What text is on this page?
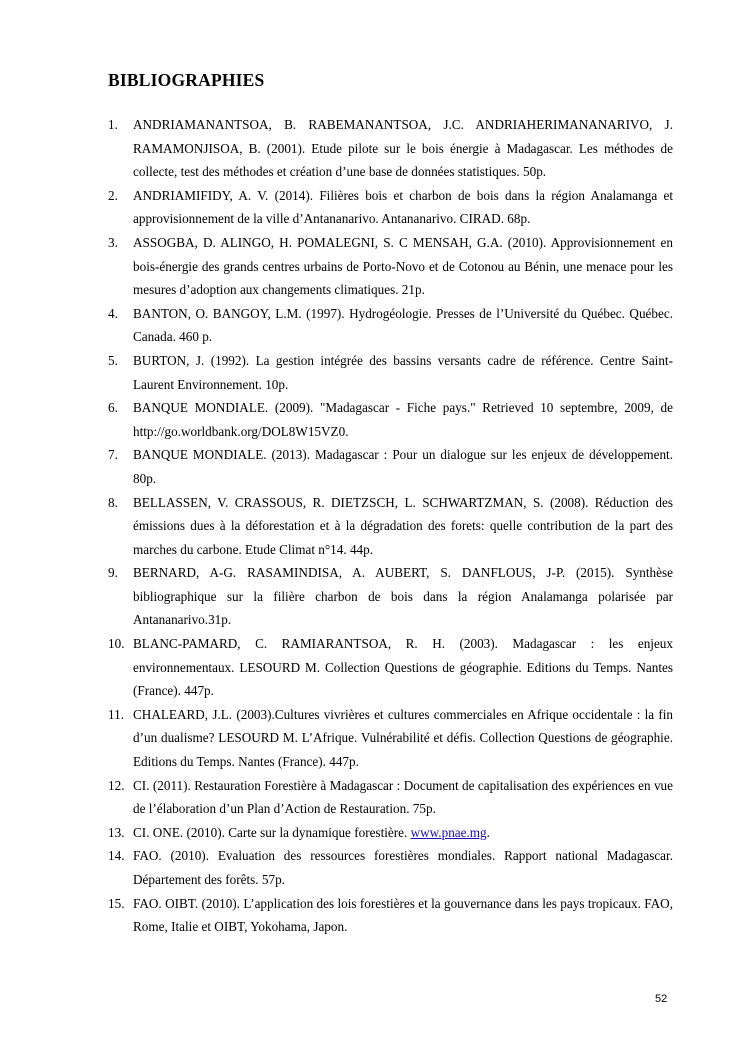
BIBLIOGRAPHIES
1. ANDRIAMANANTSOA, B. RABEMANANTSOA, J.C. ANDRIAHERIMANANARIVO, J. RAMAMONJISOA, B. (2001). Etude pilote sur le bois énergie à Madagascar. Les méthodes de collecte, test des méthodes et création d’une base de données statistiques. 50p.
2. ANDRIAMIFIDY, A. V. (2014). Filières bois et charbon de bois dans la région Analamanga et approvisionnement de la ville d’Antananarivo. Antananarivo. CIRAD. 68p.
3. ASSOGBA, D. ALINGO, H. POMALEGNI, S. C MENSAH, G.A. (2010). Approvisionnement en bois-énergie des grands centres urbains de Porto-Novo et de Cotonou au Bénin, une menace pour les mesures d’adoption aux changements climatiques. 21p.
4. BANTON, O. BANGOY, L.M. (1997). Hydrogéologie. Presses de l’Université du Québec. Québec. Canada. 460 p.
5. BURTON, J. (1992). La gestion intégrée des bassins versants cadre de référence. Centre Saint-Laurent Environnement. 10p.
6. BANQUE MONDIALE. (2009). "Madagascar - Fiche pays." Retrieved 10 septembre, 2009, de http://go.worldbank.org/DOL8W15VZ0.
7. BANQUE MONDIALE. (2013). Madagascar : Pour un dialogue sur les enjeux de développement. 80p.
8. BELLASSEN, V. CRASSOUS, R. DIETZSCH, L. SCHWARTZMAN, S. (2008). Réduction des émissions dues à la déforestation et à la dégradation des forets: quelle contribution de la part des marches du carbone. Etude Climat n°14. 44p.
9. BERNARD, A-G. RASAMINDISA, A. AUBERT, S. DANFLOUS, J-P. (2015). Synthèse bibliographique sur la filière charbon de bois dans la région Analamanga polarisée par Antananarivo.31p.
10. BLANC-PAMARD, C. RAMIARANTSOA, R. H. (2003). Madagascar : les enjeux environnementaux. LESOURD M. Collection Questions de géographie. Editions du Temps. Nantes (France). 447p.
11. CHALEARD, J.L. (2003).Cultures vivrières et cultures commerciales en Afrique occidentale : la fin d’un dualisme? LESOURD M. L’Afrique. Vulnérabilité et défis. Collection Questions de géographie. Editions du Temps. Nantes (France). 447p.
12. CI. (2011). Restauration Forestière à Madagascar : Document de capitalisation des expériences en vue de l’élaboration d’un Plan d’Action de Restauration. 75p.
13. CI. ONE. (2010). Carte sur la dynamique forestière. www.pnae.mg.
14. FAO. (2010). Evaluation des ressources forestières mondiales. Rapport national Madagascar. Département des forêts. 57p.
15. FAO. OIBT. (2010). L’application des lois forestières et la gouvernance dans les pays tropicaux. FAO, Rome, Italie et OIBT, Yokohama, Japon.
52
